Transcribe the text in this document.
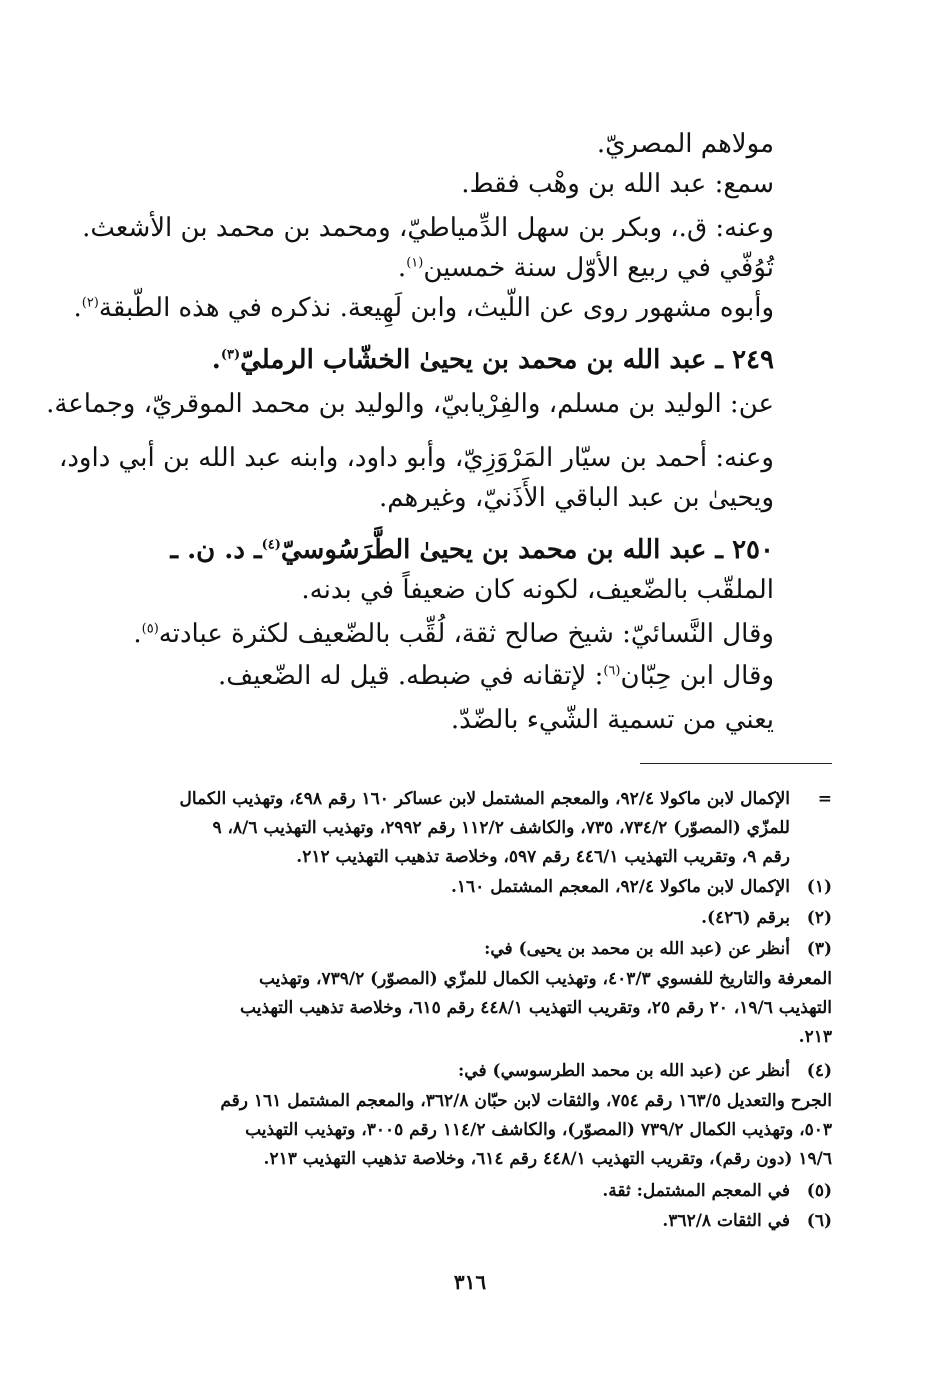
مولاهم المصريّ.
سمع: عبد الله بن وهْب فقط.
وعنه: ق.، وبكر بن سهل الدِّمياطيّ، ومحمد بن محمد بن الأشعث.
تُوُفّي في ربيع الأوّل سنة خمسين$^{(١)}$.
وأبوه مشهور روى عن اللّيث، وابن لَهِيعة. نذكره في هذه الطّبقة$^{(٢)}$.
٢٤٩ ـ عبد الله بن محمد بن يحيىٰ الخشّاب الرمليّ$^{(٣)}$.
عن: الوليد بن مسلم، والفِرْيابيّ، والوليد بن محمد الموقريّ، وجماعة.
وعنه: أحمد بن سيّار المَرْوَزِيّ، وأبو داود، وابنه عبد الله بن أبي داود،
ويحيىٰ بن عبد الباقي الأَذَنيّ، وغيرهم.
٢٥٠ ـ عبد الله بن محمد بن يحيىٰ الطَّرَسُوسيّ$^{(٤)}$ـ د. ن. ـ
الملقّب بالضّعيف، لكونه كان ضعيفاً في بدنه.
وقال النَّسائيّ: شيخ صالح ثقة، لُقِّب بالضّعيف لكثرة عبادته$^{(٥)}$.
وقال ابن حِبّان$^{(٦)}$: لإتقانه في ضبطه. قيل له الضّعيف.
يعني من تسمية الشّيء بالضّدّ.
=
الإكمال لابن ماكولا ٩٢/٤، والمعجم المشتمل لابن عساكر ١٦٠ رقم ٤٩٨، وتهذيب الكمال
للمزّي (المصوّر) ٧٣٤/٢، ٧٣٥، والكاشف ١١٢/٢ رقم ٢٩٩٢، وتهذيب التهذيب ٨/٦، ٩
رقم ٩، وتقريب التهذيب ٤٤٦/١ رقم ٥٩٧، وخلاصة تذهيب التهذيب ٢١٢.
(١)
الإكمال لابن ماكولا ٩٢/٤، المعجم المشتمل ١٦٠.
(٢)
برقم (٤٢٦).
(٣)
أنظر عن (عبد الله بن محمد بن يحيى) في:
المعرفة والتاريخ للفسوي ٤٠٣/٣، وتهذيب الكمال للمزّي (المصوّر) ٧٣٩/٢، وتهذيب
التهذيب ١٩/٦، ٢٠ رقم ٢٥، وتقريب التهذيب ٤٤٨/١ رقم ٦١٥، وخلاصة تذهيب التهذيب
٢١٣.
(٤)
أنظر عن (عبد الله بن محمد الطرسوسي) في:
الجرح والتعديل ١٦٣/٥ رقم ٧٥٤، والثقات لابن حبّان ٣٦٢/٨، والمعجم المشتمل ١٦١ رقم
٥٠٣، وتهذيب الكمال ٧٣٩/٢ (المصوّر)، والكاشف ١١٤/٢ رقم ٣٠٠٥، وتهذيب التهذيب
١٩/٦ (دون رقم)، وتقريب التهذيب ٤٤٨/١ رقم ٦١٤، وخلاصة تذهيب التهذيب ٢١٣.
(٥)
في المعجم المشتمل: ثقة.
(٦)
في الثقات ٣٦٢/٨.
٣١٦
